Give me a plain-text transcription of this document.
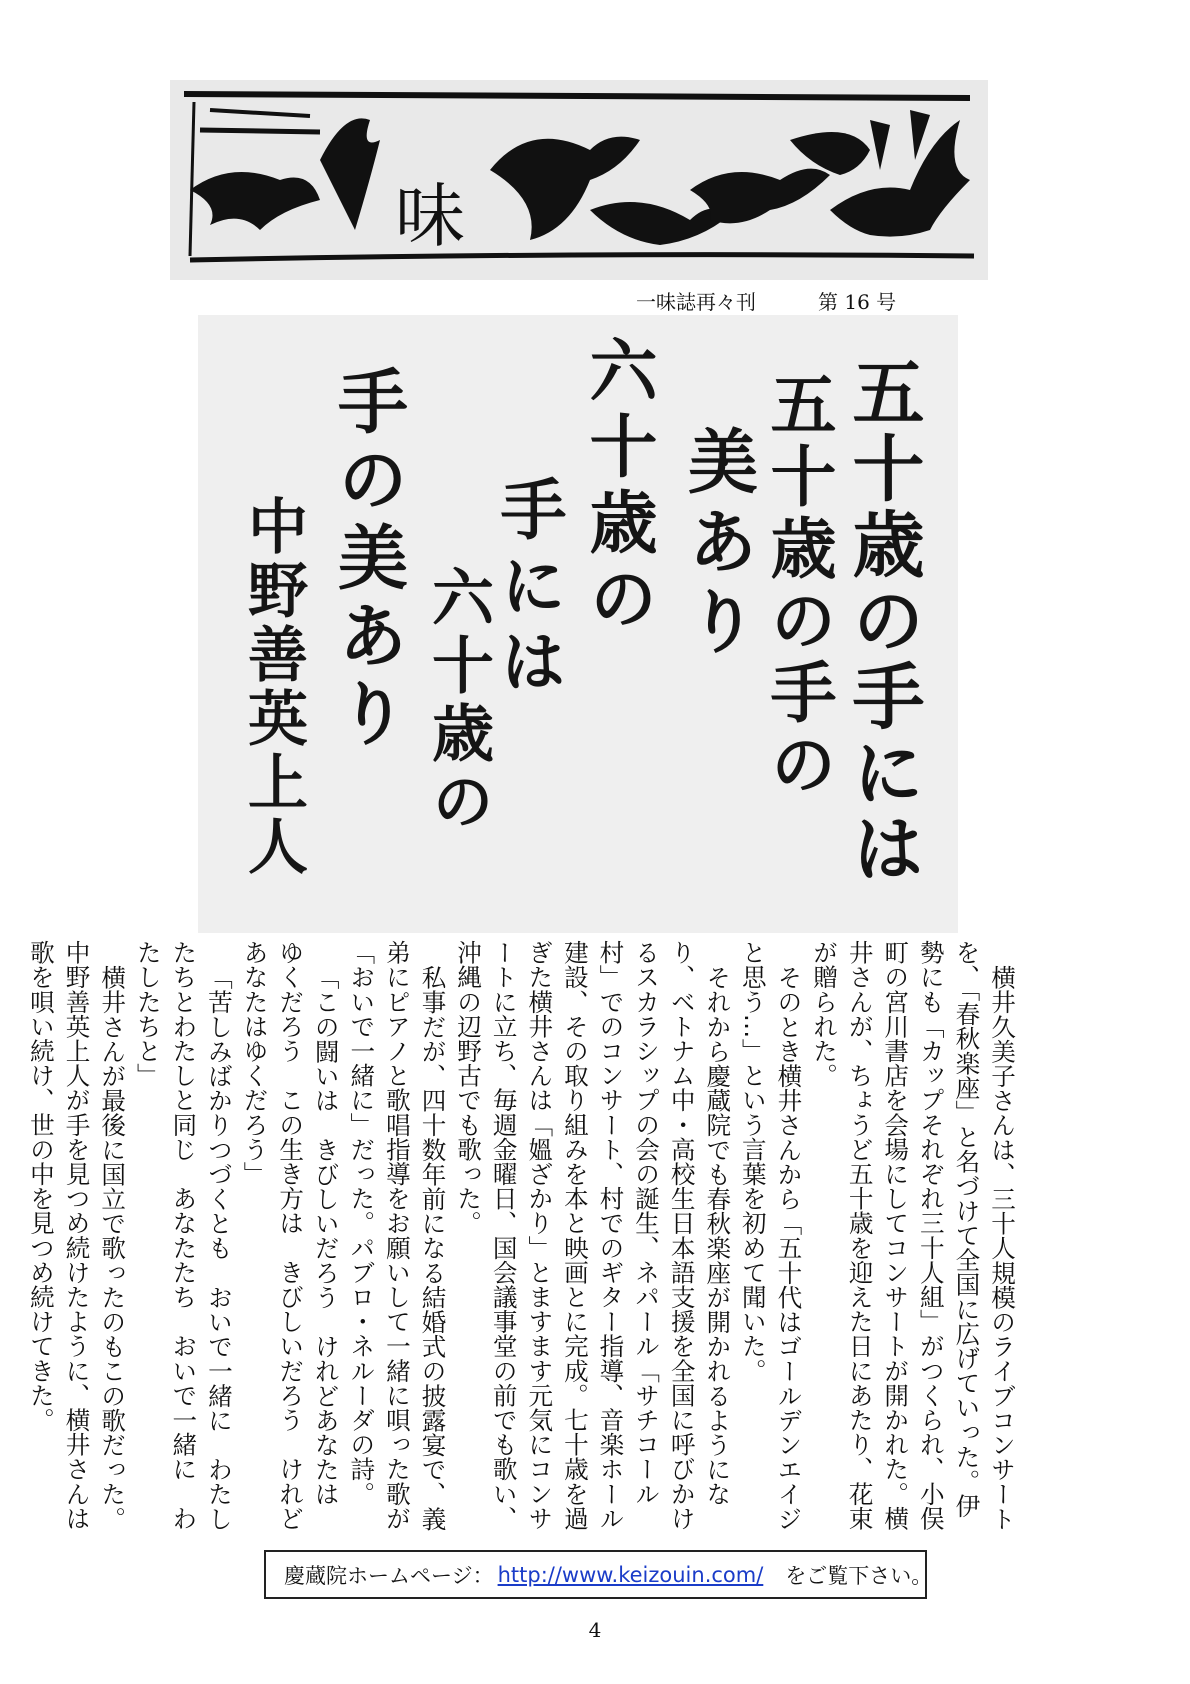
味
一味誌再々刊	第 16 号
五十歳の手には
五十歳の手の
美あり
六十歳の
手には
六十歳の
手の美あり
中野善英上人

横井久美子さんは、三十人規模のライブコンサートを、「春秋楽座」と名づけて全国に広げていった。伊勢にも「カップそれぞれ三十人組」がつくられ、小俣町の宮川書店を会場にしてコンサートが開かれた。横井さんが、ちょうど五十歳を迎えた日にあたり、花束が贈られた。

そのとき横井さんから「五十代はゴールデンエイジと思う…」という言葉を初めて聞いた。

それから慶蔵院でも春秋楽座が開かれるようになり、ベトナム中・高校生日本語支援を全国に呼びかけるスカラシップの会の誕生、ネパール「サチコール村」でのコンサート、村でのギター指導、音楽ホール建設、その取り組みを本と映画とに完成。七十歳を過ぎた横井さんは「媼ざかり」とますます元気にコンサートに立ち、毎週金曜日、国会議事堂の前でも歌い、沖縄の辺野古でも歌った。

私事だが、四十数年前になる結婚式の披露宴で、義弟にピアノと歌唱指導をお願いして一緒に唄った歌が「おいで一緒に」だった。パブロ・ネルーダの詩。

「この闘いは　きびしいだろう　けれどあなたは　ゆくだろう　この生き方は　きびしいだろう　けれどあなたはゆくだろう」

「苦しみばかりつづくとも　おいで一緒に　わたしたちとわたしと同じ　あなたたち　おいで一緒に　わたしたちと」

横井さんが最後に国立で歌ったのもこの歌だった。中野善英上人が手を見つめ続けたように、横井さんは歌を唄い続け、世の中を見つめ続けてきた。

慶蔵院ホームページ： http://www.keizouin.com/ をご覧下さい。
4
